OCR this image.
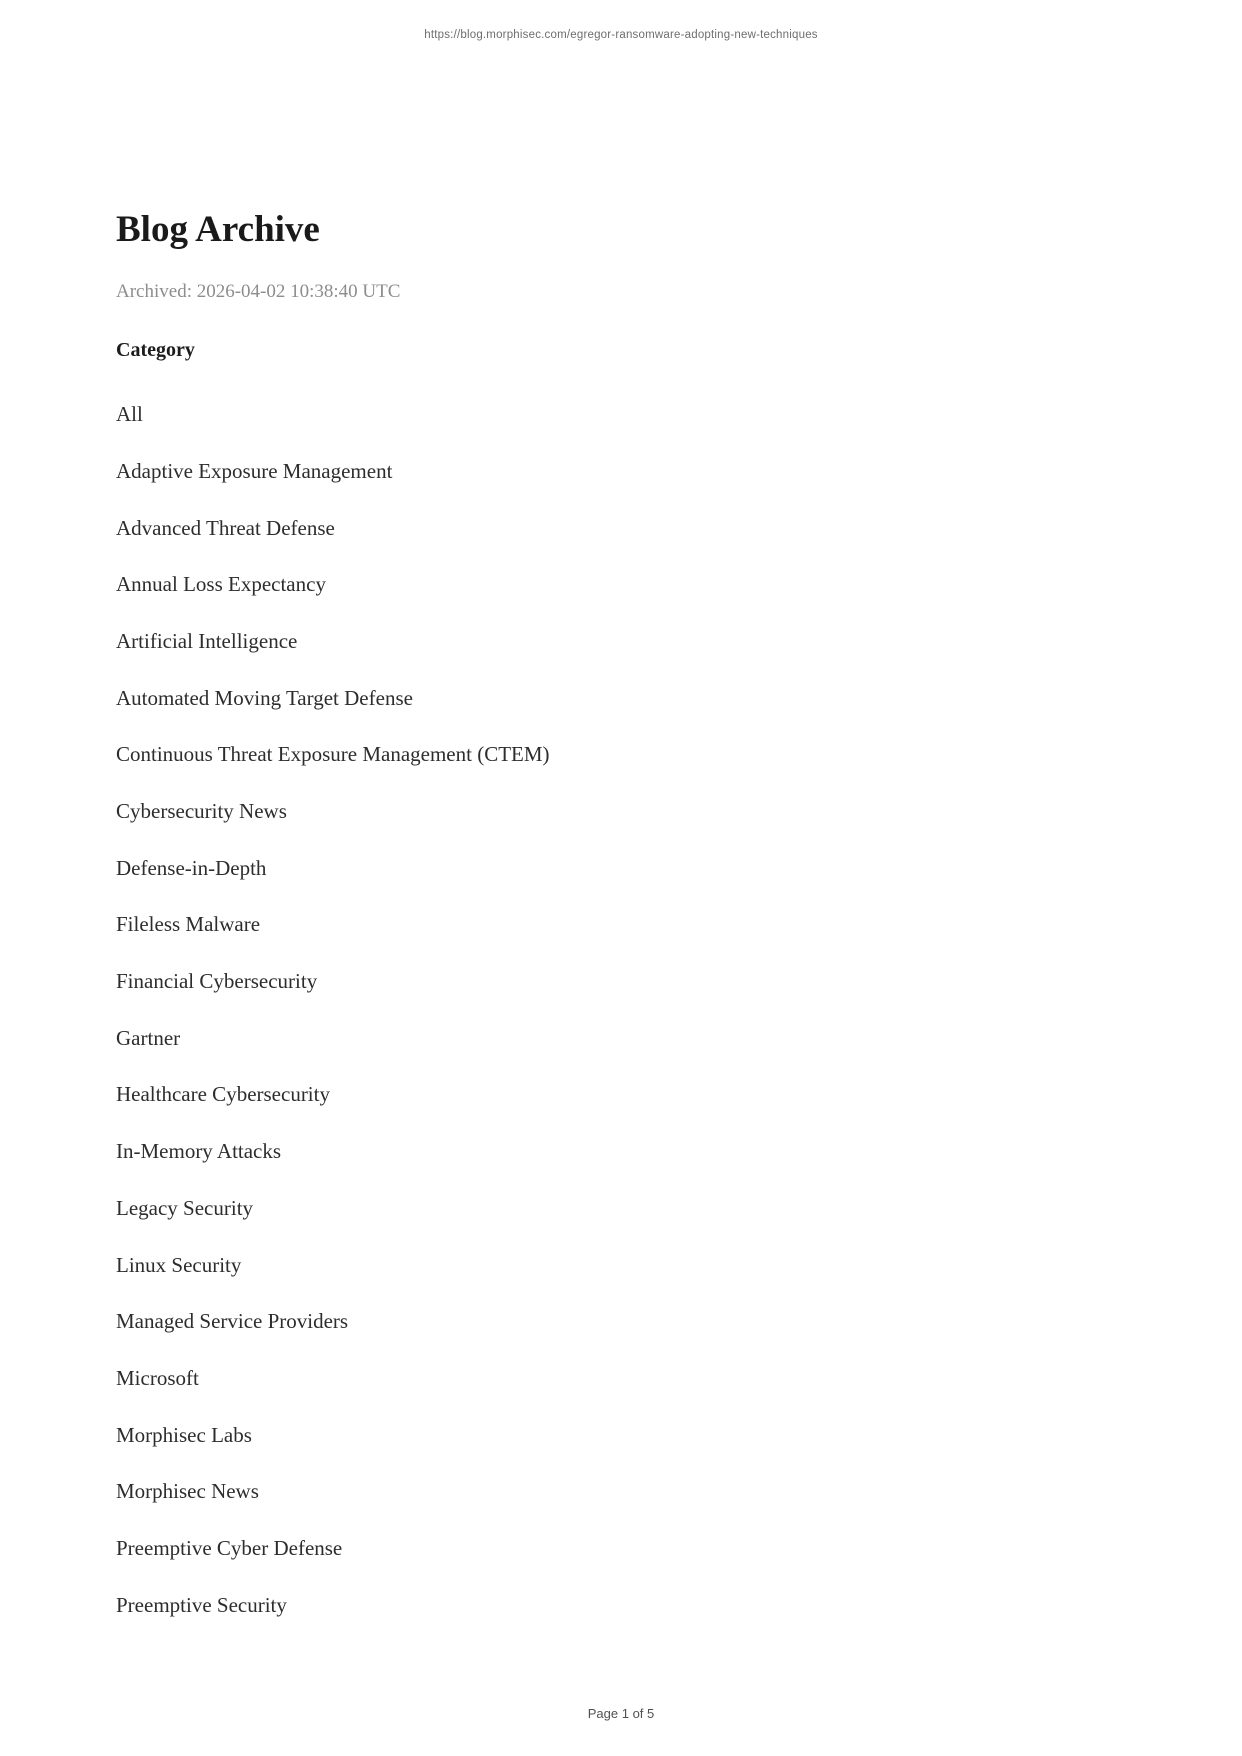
https://blog.morphisec.com/egregor-ransomware-adopting-new-techniques
Blog Archive
Archived: 2026-04-02 10:38:40 UTC
Category
All
Adaptive Exposure Management
Advanced Threat Defense
Annual Loss Expectancy
Artificial Intelligence
Automated Moving Target Defense
Continuous Threat Exposure Management (CTEM)
Cybersecurity News
Defense-in-Depth
Fileless Malware
Financial Cybersecurity
Gartner
Healthcare Cybersecurity
In-Memory Attacks
Legacy Security
Linux Security
Managed Service Providers
Microsoft
Morphisec Labs
Morphisec News
Preemptive Cyber Defense
Preemptive Security
Page 1 of 5
